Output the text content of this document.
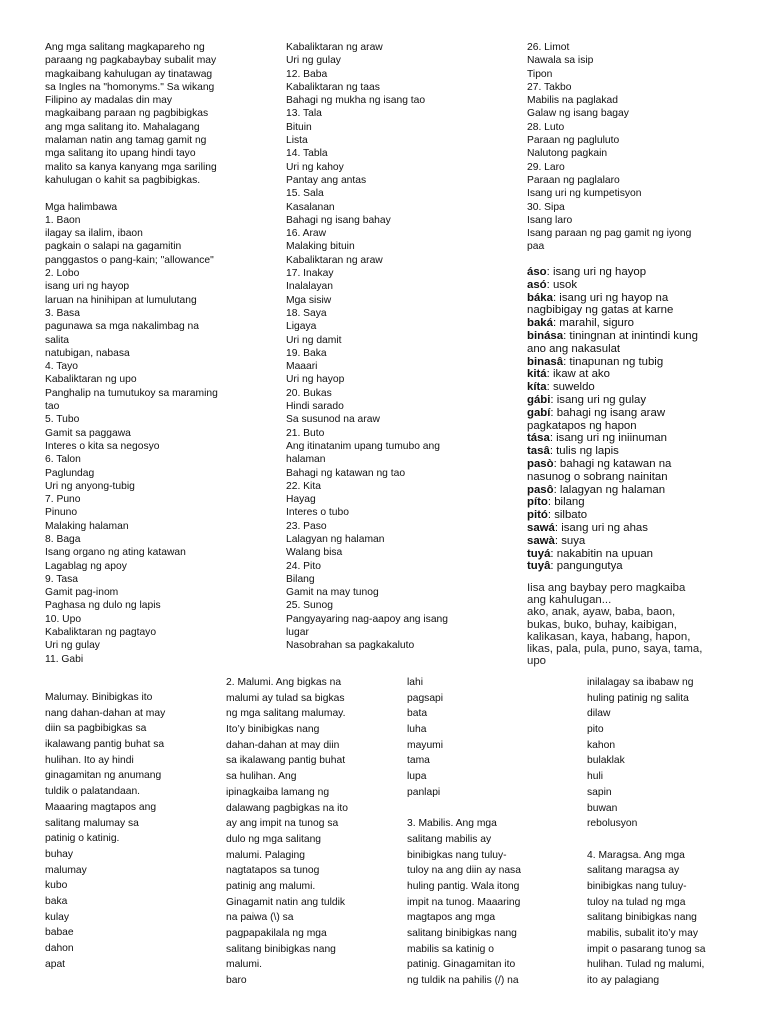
Ang mga salitang magkapareho ng
paraang ng pagkabaybay subalit may
magkaibang kahulugan ay tinatawag
sa Ingles na "homonyms." Sa wikang
Filipino ay madalas din may
magkaibang paraan ng pagbibigkas
ang mga salitang ito. Mahalagang
malaman natin ang tamag gamit ng
mga salitang ito upang hindi tayo
malito sa kanya kanyang mga sariling
kahulugan o kahit sa pagbibigkas.
Mga halimbawa
1. Baon
ilagay sa ilalim, ibaon
pagkain o salapi na gagamitin
panggastos o pang-kain; "allowance"
2. Lobo
isang uri ng hayop
laruan na hinihipan at lumulutang
3. Basa
pagunawa sa mga nakalimbag na
salita
natubigan, nabasa
4. Tayo
Kabaliktaran ng upo
Panghalip na tumutukoy sa maraming
tao
5. Tubo
Gamit sa paggawa
Interes o kita sa negosyo
6. Talon
Paglundag
Uri ng anyong-tubig
7. Puno
Pinuno
Malaking halaman
8. Baga
Isang organo ng ating katawan
Lagablag ng apoy
9. Tasa
Gamit pag-inom
Paghasa ng dulo ng lapis
10. Upo
Kabaliktaran ng pagtayo
Uri ng gulay
11. Gabi
Kabaliktaran ng araw
Uri ng gulay
12. Baba
Kabaliktaran ng taas
Bahagi ng mukha ng isang tao
13. Tala
Bituin
Lista
14. Tabla
Uri ng kahoy
Pantay ang antas
15. Sala
Kasalanan
Bahagi ng isang bahay
16. Araw
Malaking bituin
Kabaliktaran ng araw
17. Inakay
Inalalayan
Mga sisiw
18. Saya
Ligaya
Uri ng damit
19. Baka
Maaari
Uri ng hayop
20. Bukas
Hindi sarado
Sa susunod na araw
21. Buto
Ang itinatanim upang tumubo ang
halaman
Bahagi ng katawan ng tao
22. Kita
Hayag
Interes o tubo
23. Paso
Lalagyan ng halaman
Walang bisa
24. Pito
Bilang
Gamit na may tunog
25. Sunog
Pangyayaring nag-aapoy ang isang
lugar
Nasobrahan sa pagkakaluto
26. Limot
Nawala sa isip
Tipon
27. Takbo
Mabilis na paglakad
Galaw ng isang bagay
28. Luto
Paraan ng pagluluto
Nalutong pagkain
29. Laro
Paraan ng paglalaro
Isang uri ng kumpetisyon
30. Sipa
Isang laro
Isang paraan ng pag gamit ng iyong
paa
áso: isang uri ng hayop
asó: usok
báka: isang uri ng hayop na
nagbibigay ng gatas at karne
baká: marahil, siguro
binása: tiningnan at inintindi kung
ano ang nakasulat
binasâ: tinapunan ng tubig
kitá: ikaw at ako
kíta: suweldo
gábi: isang uri ng gulay
gabí: bahagi ng isang araw
pagkatapos ng hapon
tása: isang uri ng iniinuman
tasâ: tulis ng lapis
pasò: bahagi ng katawan na
nasunog o sobrang nainitan
pasô: lalagyan ng halaman
píto: bilang
pitó: silbato
sawá: isang uri ng ahas
sawà: suya
tuyá: nakabitin na upuan
tuyâ: pangungutya
Iisa ang baybay pero magkaiba
ang kahulugan...
ako, anak, ayaw, baba, baon,
bukas, buko, buhay, kaibigan,
kalikasan, kaya, habang, hapon,
likas, pala, pula, puno, saya, tama,
upo
Malumay. Binibigkas ito
nang dahan-dahan at may
diin sa pagbibigkas sa
ikalawang pantig buhat sa
hulihan. Ito ay hindi
ginagamitan ng anumang
tuldik o palatandaan.
Maaaring magtapos ang
salitang malumay sa
patinig o katinig.
buhay
malumay
kubo
baka
kulay
babae
dahon
apat
2. Malumi. Ang bigkas na
malumi ay tulad sa bigkas
ng mga salitang malumay.
Ito’y binibigkas nang
dahan-dahan at may diin
sa ikalawang pantig buhat
sa hulihan. Ang
ipinagkaiba lamang ng
dalawang pagbigkas na ito
ay ang impit na tunog sa
dulo ng mga salitang
malumi. Palaging
nagtatapos sa tunog
patinig ang malumi.
Ginagamit natin ang tuldik
na paiwa (\) sa
pagpapakilala ng mga
salitang binibigkas nang
malumi.
baro
lahi
pagsapi
bata
luha
mayumi
tama
lupa
panlapi
3. Mabilis. Ang mga
salitang mabilis ay
binibigkas nang tuluy-
tuloy na ang diin ay nasa
huling pantig. Wala itong
impit na tunog. Maaaring
magtapos ang mga
salitang binibigkas nang
mabilis sa katinig o
patinig. Ginagamitan ito
ng tuldik na pahilis (/) na
inilalagay sa ibabaw ng
huling patinig ng salita
dilaw
pito
kahon
bulaklak
huli
sapin
buwan
rebolusyon
4. Maragsa. Ang mga
salitang maragsa ay
binibigkas nang tuluy-
tuloy na tulad ng mga
salitang binibigkas nang
mabilis, subalit ito’y may
impit o pasarang tunog sa
hulihan. Tulad ng malumi,
ito ay palagiang
